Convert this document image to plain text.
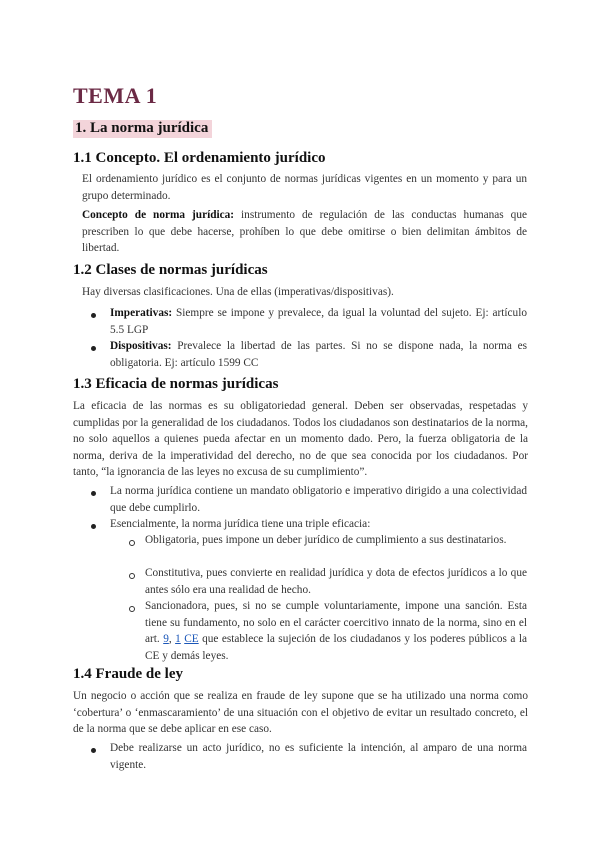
TEMA 1
1. La norma jurídica
1.1 Concepto. El ordenamiento jurídico

El ordenamiento jurídico es el conjunto de normas jurídicas vigentes en un momento y para un grupo determinado.

Concepto de norma jurídica: instrumento de regulación de las conductas humanas que prescriben lo que debe hacerse, prohíben lo que debe omitirse o bien delimitan ámbitos de libertad.

1.2 Clases de normas jurídicas

Hay diversas clasificaciones. Una de ellas (imperativas/dispositivas).

Imperativas: Siempre se impone y prevalece, da igual la voluntad del sujeto. Ej: artículo 5.5 LGP

Dispositivas: Prevalece la libertad de las partes. Si no se dispone nada, la norma es obligatoria. Ej: artículo 1599 CC

1.3 Eficacia de normas jurídicas

La eficacia de las normas es su obligatoriedad general. Deben ser observadas, respetadas y cumplidas por la generalidad de los ciudadanos. Todos los ciudadanos son destinatarios de la norma, no solo aquellos a quienes pueda afectar en un momento dado. Pero, la fuerza obligatoria de la norma, deriva de la imperatividad del derecho, no de que sea conocida por los ciudadanos. Por tanto, “la ignorancia de las leyes no excusa de su cumplimiento”.

La norma jurídica contiene un mandato obligatorio e imperativo dirigido a una colectividad que debe cumplirlo.

Esencialmente, la norma jurídica tiene una triple eficacia:

Obligatoria, pues impone un deber jurídico de cumplimiento a sus destinatarios.

Constitutiva, pues convierte en realidad jurídica y dota de efectos jurídicos a lo que antes sólo era una realidad de hecho.

Sancionadora, pues, si no se cumple voluntariamente, impone una sanción. Esta tiene su fundamento, no solo en el carácter coercitivo innato de la norma, sino en el art. 9, 1 CE que establece la sujeción de los ciudadanos y los poderes públicos a la CE y demás leyes.

1.4 Fraude de ley

Un negocio o acción que se realiza en fraude de ley supone que se ha utilizado una norma como ‘cobertura’ o ‘enmascaramiento’ de una situación con el objetivo de evitar un resultado concreto, el de la norma que se debe aplicar en ese caso.

Debe realizarse un acto jurídico, no es suficiente la intención, al amparo de una norma vigente.
